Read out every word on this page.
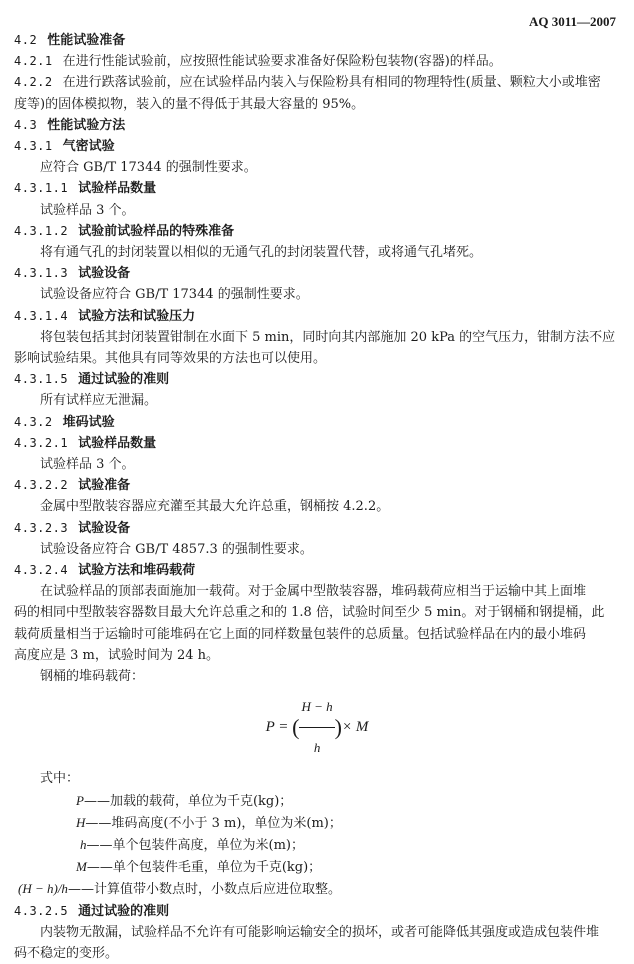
AQ 3011—2007
4.2 性能试验准备
4.2.1 在进行性能试验前，应按照性能试验要求准备好保险粉包装物(容器)的样品。
4.2.2 在进行跌落试验前，应在试验样品内装入与保险粉具有相同的物理特性(质量、颗粒大小或堆密
度等)的固体模拟物，装入的量不得低于其最大容量的 95%。
4.3 性能试验方法
4.3.1 气密试验
应符合 GB/T 17344 的强制性要求。
4.3.1.1 试验样品数量
试验样品 3 个。
4.3.1.2 试验前试验样品的特殊准备
将有通气孔的封闭装置以相似的无通气孔的封闭装置代替，或将通气孔堵死。
4.3.1.3 试验设备
试验设备应符合 GB/T 17344 的强制性要求。
4.3.1.4 试验方法和试验压力
将包装包括其封闭装置钳制在水面下 5 min，同时向其内部施加 20 kPa 的空气压力，钳制方法不应
影响试验结果。其他具有同等效果的方法也可以使用。
4.3.1.5 通过试验的准则
所有试样应无泄漏。
4.3.2 堆码试验
4.3.2.1 试验样品数量
试验样品 3 个。
4.3.2.2 试验准备
金属中型散装容器应充灌至其最大允许总重，钢桶按 4.2.2。
4.3.2.3 试验设备
试验设备应符合 GB/T 4857.3 的强制性要求。
4.3.2.4 试验方法和堆码载荷
在试验样品的顶部表面施加一载荷。对于金属中型散装容器，堆码载荷应相当于运输中其上面堆
码的相同中型散装容器数目最大允许总重之和的 1.8 倍，试验时间至少 5 min。对于钢桶和钢提桶，此
载荷质量相当于运输时可能堆码在它上面的同样数量包装件的总质量。包括试验样品在内的最小堆码
高度应是 3 m，试验时间为 24 h。
钢桶的堆码载荷：
P = ( $\frac{H - h}{h}$ )× M
式中：
P——加载的载荷，单位为千克(kg)；
H——堆码高度(不小于 3 m)，单位为米(m)；
h——单个包装件高度，单位为米(m)；
M——单个包装件毛重，单位为千克(kg)；
(H − h)/h——计算值带小数点时，小数点后应进位取整。
4.3.2.5 通过试验的准则
内装物无散漏，试验样品不允许有可能影响运输安全的损坏，或者可能降低其强度或造成包装件堆
码不稳定的变形。
